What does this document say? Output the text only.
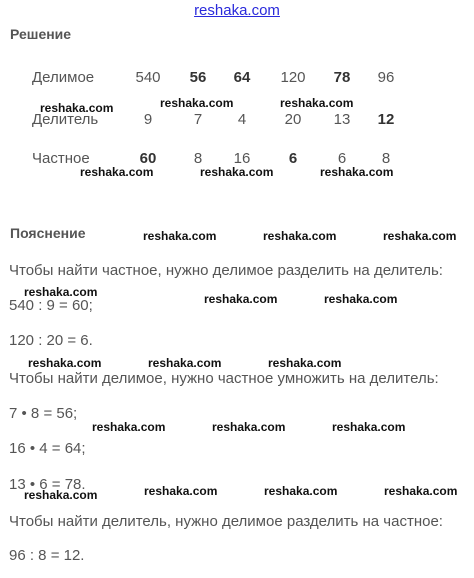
reshaka.com
Решение
Делимое	540	56	64	120	78	96
Делитель	9	7	4	20	13	12
Частное	60	8	16	6	6	8
Пояснение
Чтобы найти частное, нужно делимое разделить на делитель:
540 : 9 = 60;
120 : 20 = 6.
Чтобы найти делимое, нужно частное умножить на делитель:
7 • 8 = 56;
16 • 4 = 64;
13 • 6 = 78.
Чтобы найти делитель, нужно делимое разделить на частное:
96 : 8 = 12.
reshaka.com	reshaka.com	reshaka.com
reshaka.com	reshaka.com	reshaka.com
reshaka.com	reshaka.com	reshaka.com
reshaka.com	reshaka.com	reshaka.com
reshaka.com	reshaka.com	reshaka.com
reshaka.com	reshaka.com	reshaka.com
reshaka.com	reshaka.com	reshaka.com	reshaka.com
